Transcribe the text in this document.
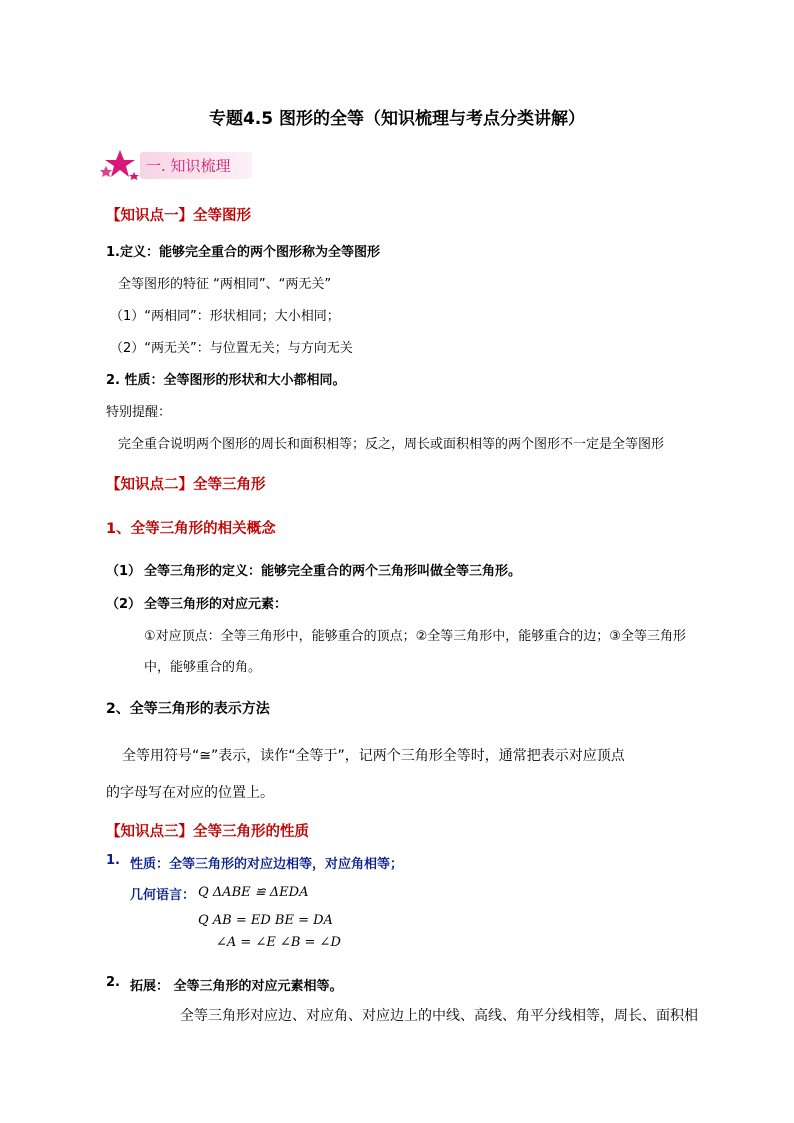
专题4.5 图形的全等（知识梳理与考点分类讲解）
一. 知识梳理
【知识点一】全等图形
1.定义：能够完全重合的两个图形称为全等图形
全等图形的特征 “两相同”、“两无关”
（1）“两相同”：形状相同；大小相同；
（2）“两无关”：与位置无关；与方向无关
2. 性质：全等图形的形状和大小都相同。
特别提醒：
完全重合说明两个图形的周长和面积相等；反之，周长或面积相等的两个图形不一定是全等图形
【知识点二】全等三角形
1、全等三角形的相关概念
（1） 全等三角形的定义：能够完全重合的两个三角形叫做全等三角形。
（2） 全等三角形的对应元素：
①对应顶点：全等三角形中，能够重合的顶点；②全等三角形中，能够重合的边；③全等三角形
中，能够重合的角。
2、全等三角形的表示方法
全等用符号“≅”表示，读作“全等于”，记两个三角形全等时，通常把表示对应顶点
的字母写在对应的位置上。
【知识点三】全等三角形的性质
1. 性质：全等三角形的对应边相等，对应角相等；
几何语言： Q ΔABE ≌ ΔEDA
Q AB = ED BE = DA
∠A = ∠E ∠B = ∠D
2. 拓展： 全等三角形的对应元素相等。
全等三角形对应边、对应角、对应边上的中线、高线、角平分线相等，周长、面积相
